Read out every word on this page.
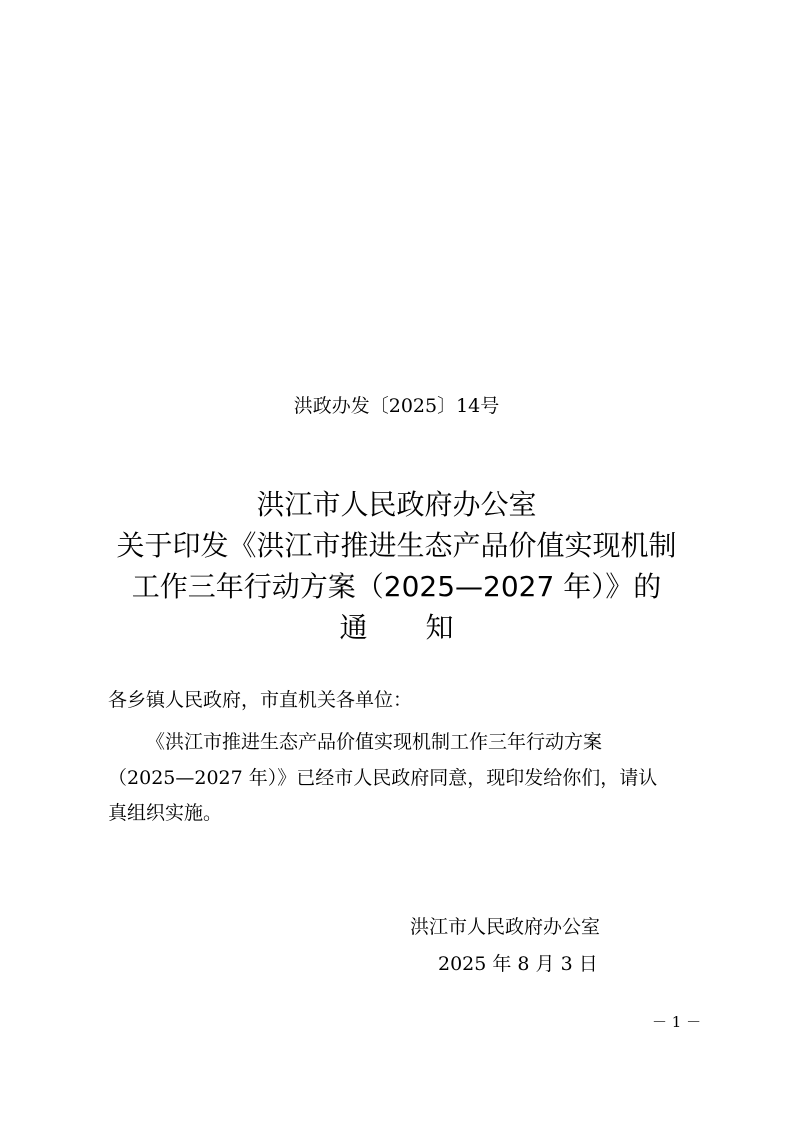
洪政办发〔2025〕14号
洪江市人民政府办公室
关于印发《洪江市推进生态产品价值实现机制
工作三年行动方案（2025—2027 年）》的
通 知
各乡镇人民政府，市直机关各单位：
《洪江市推进生态产品价值实现机制工作三年行动方案
（2025—2027 年）》已经市人民政府同意，现印发给你们，请认
真组织实施。
洪江市人民政府办公室
2025 年 8 月 3 日
－ 1 －
